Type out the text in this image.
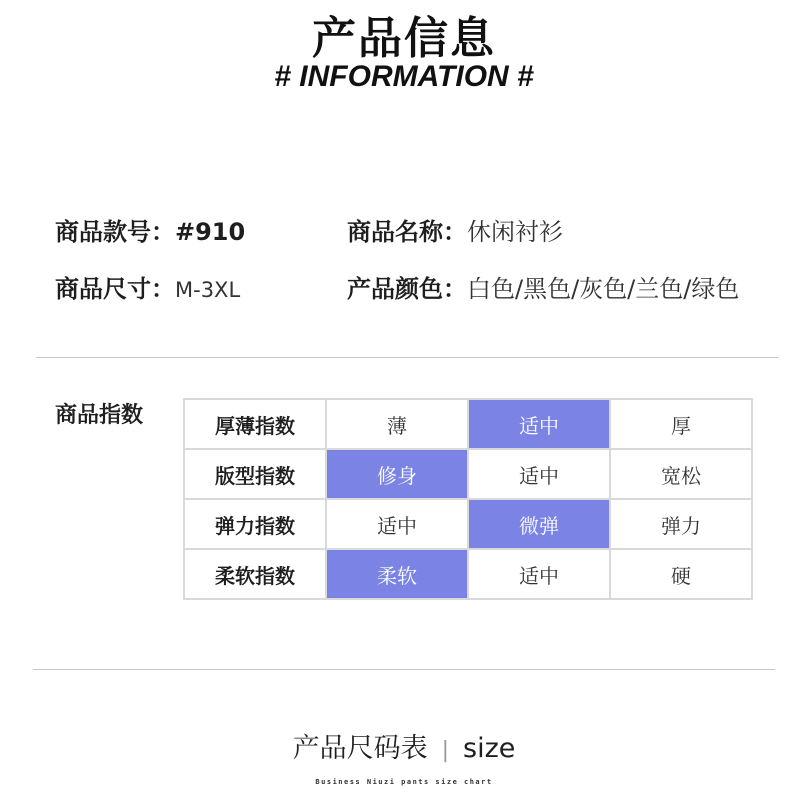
产品信息
# INFORMATION #
商品款号：#910	商品名称：休闲衬衫
商品尺寸：M-3XL	产品颜色：白色/黑色/灰色/兰色/绿色
商品指数	厚薄指数	薄	适中	厚
版型指数	修身	适中	宽松
弹力指数	适中	微弹	弹力
柔软指数	柔软	适中	硬
产品尺码表 | size
Business Niuzi pants size chart
